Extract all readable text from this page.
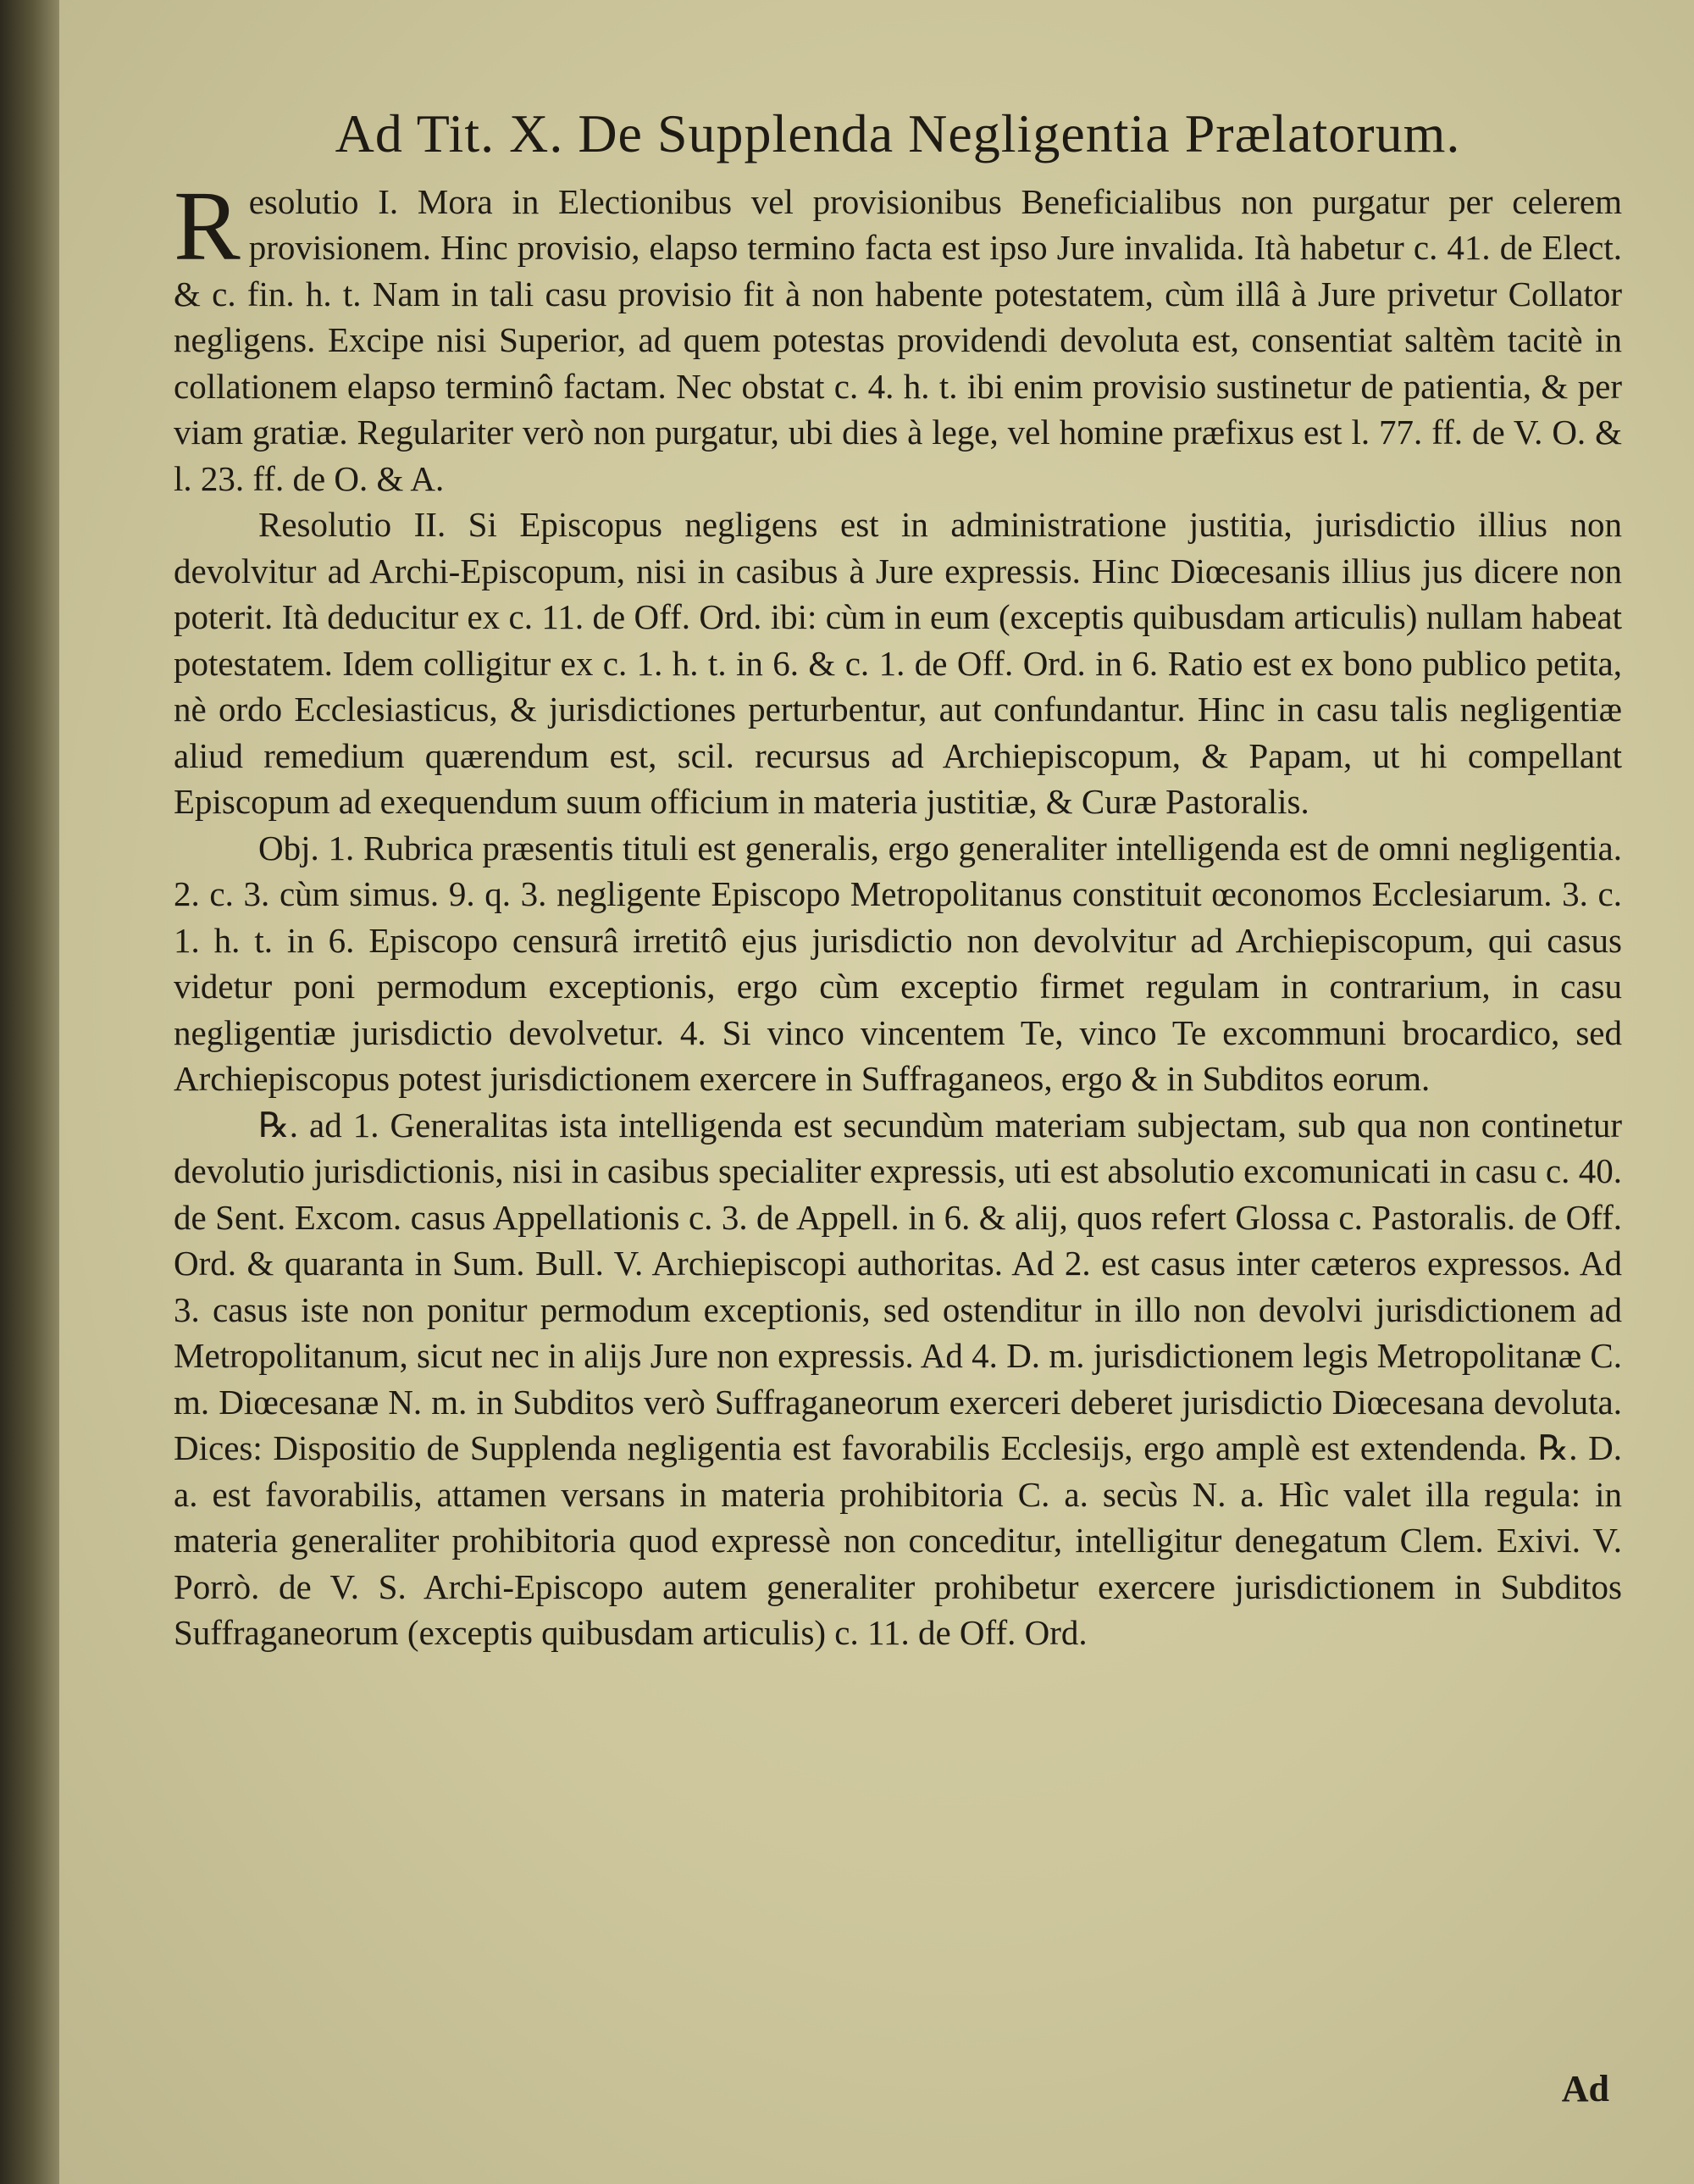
Ad Tit. X. De Supplenda Negligentia Prælatorum.

Resolutio I. Mora in Electionibus vel provisionibus Beneficialibus non purgatur per celerem provisionem. Hinc provisio, elapso termino facta est ipso Jure invalida. Ità habetur c. 41. de Elect. & c. fin. h. t. Nam in tali casu provisio fit à non habente potestatem, cùm illâ à Jure privetur Collator negligens. Excipe nisi Superior, ad quem potestas providendi devoluta est, consentiat saltèm tacitè in collationem elapso terminô factam. Nec obstat c. 4. h. t. ibi enim provisio sustinetur de patientia, & per viam gratiæ. Regulariter verò non purgatur, ubi dies à lege, vel homine præfixus est l. 77. ff. de V. O. & l. 23. ff. de O. & A.

Resolutio II. Si Episcopus negligens est in administratione justitia, jurisdictio illius non devolvitur ad Archi-Episcopum, nisi in casibus à Jure expressis. Hinc Diœcesanis illius jus dicere non poterit. Ità deducitur ex c. 11. de Off. Ord. ibi: cùm in eum (exceptis quibusdam articulis) nullam habeat potestatem. Idem colligitur ex c. 1. h. t. in 6. & c. 1. de Off. Ord. in 6. Ratio est ex bono publico petita, nè ordo Ecclesiasticus, & jurisdictiones perturbentur, aut confundantur. Hinc in casu talis negligentiæ aliud remedium quærendum est, scil. recursus ad Archiepiscopum, & Papam, ut hi compellant Episcopum ad exequendum suum officium in materia justitiæ, & Curæ Pastoralis.

Obj. 1. Rubrica præsentis tituli est generalis, ergo generaliter intelligenda est de omni negligentia. 2. c. 3. cùm simus. 9. q. 3. negligente Episcopo Metropolitanus constituit œconomos Ecclesiarum. 3. c. 1. h. t. in 6. Episcopo censurâ irretitô ejus jurisdictio non devolvitur ad Archiepiscopum, qui casus videtur poni permodum exceptionis, ergo cùm exceptio firmet regulam in contrarium, in casu negligentiæ jurisdictio devolvetur. 4. Si vinco vincentem Te, vinco Te excommuni brocardico, sed Archiepiscopus potest jurisdictionem exercere in Suffraganeos, ergo & in Subditos eorum.

℞. ad 1. Generalitas ista intelligenda est secundùm materiam subjectam, sub qua non continetur devolutio jurisdictionis, nisi in casibus specialiter expressis, uti est absolutio excomunicati in casu c. 40. de Sent. Excom. casus Appellationis c. 3. de Appell. in 6. & alij, quos refert Glossa c. Pastoralis. de Off. Ord. & quaranta in Sum. Bull. V. Archiepiscopi authoritas. Ad 2. est casus inter cæteros expressos. Ad 3. casus iste non ponitur permodum exceptionis, sed ostenditur in illo non devolvi jurisdictionem ad Metropolitanum, sicut nec in alijs Jure non expressis. Ad 4. D. m. jurisdictionem legis Metropolitanæ C. m. Diœcesanæ N. m. in Subditos verò Suffraganeorum exerceri deberet jurisdictio Diœcesana devoluta. Dices: Dispositio de Supplenda negligentia est favorabilis Ecclesijs, ergo amplè est extendenda. ℞. D. a. est favorabilis, attamen versans in materia prohibitoria C. a. secùs N. a. Hìc valet illa regula: in materia generaliter prohibitoria quod expressè non conceditur, intelligitur denegatum Clem. Exivi. V. Porrò. de V. S. Archi-Episcopo autem generaliter prohibetur exercere jurisdictionem in Subditos Suffraganeorum (exceptis quibusdam articulis) c. 11. de Off. Ord.

Ad
